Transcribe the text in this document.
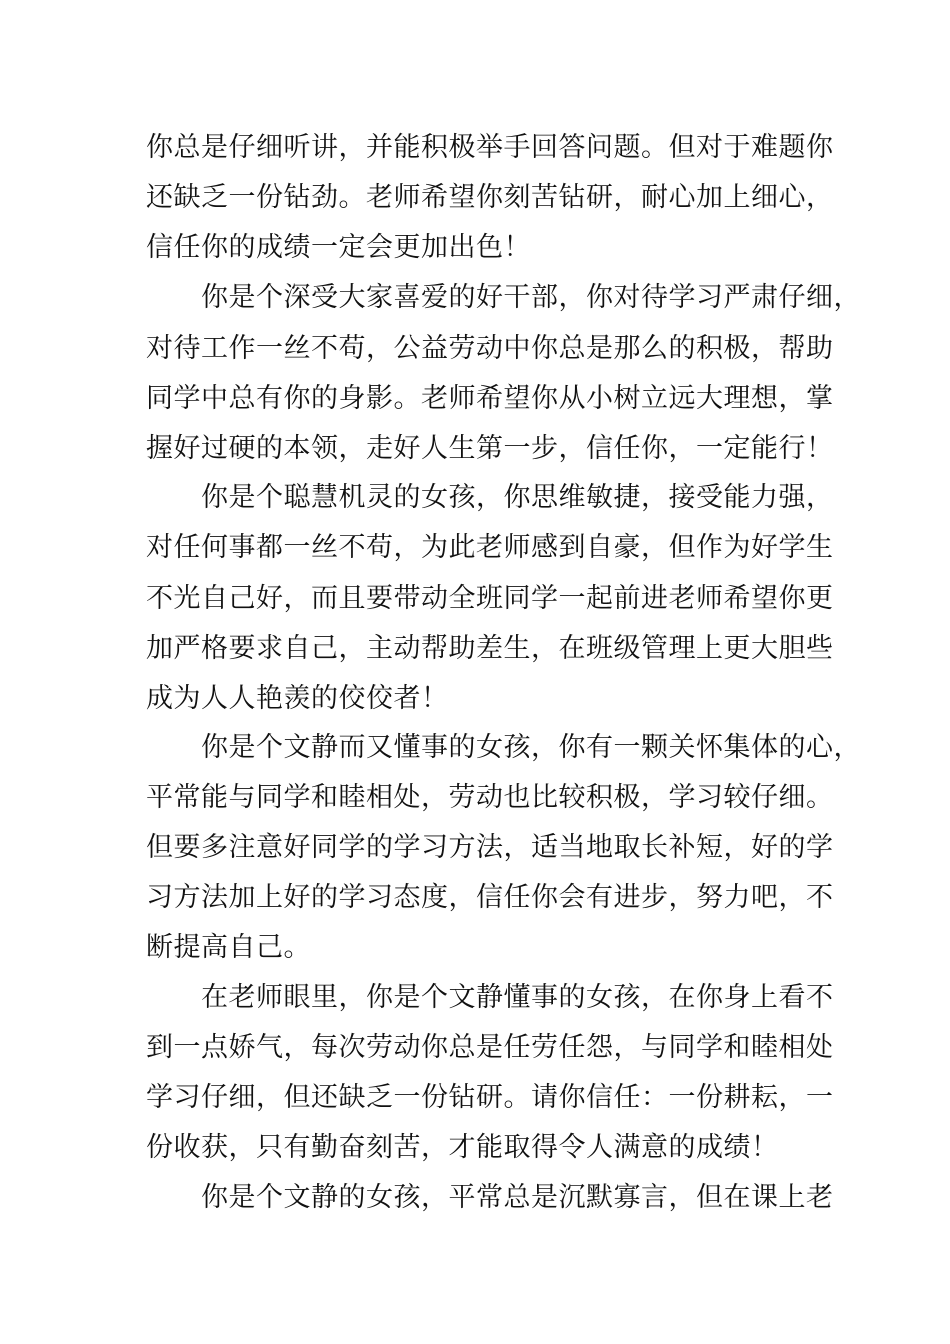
你总是仔细听讲，并能积极举手回答问题。但对于难题你
还缺乏一份钻劲。老师希望你刻苦钻研，耐心加上细心，
信任你的成绩一定会更加出色！
你是个深受大家喜爱的好干部，你对待学习严肃仔细，
对待工作一丝不苟，公益劳动中你总是那么的积极，帮助
同学中总有你的身影。老师希望你从小树立远大理想，掌
握好过硬的本领，走好人生第一步，信任你，一定能行！
你是个聪慧机灵的女孩，你思维敏捷，接受能力强，
对任何事都一丝不苟，为此老师感到自豪，但作为好学生
不光自己好，而且要带动全班同学一起前进老师希望你更
加严格要求自己，主动帮助差生，在班级管理上更大胆些
成为人人艳羡的佼佼者！
你是个文静而又懂事的女孩，你有一颗关怀集体的心，
平常能与同学和睦相处，劳动也比较积极，学习较仔细。
但要多注意好同学的学习方法，适当地取长补短，好的学
习方法加上好的学习态度，信任你会有进步，努力吧，不
断提高自己。
在老师眼里，你是个文静懂事的女孩，在你身上看不
到一点娇气，每次劳动你总是任劳任怨，与同学和睦相处
学习仔细，但还缺乏一份钻研。请你信任：一份耕耘，一
份收获，只有勤奋刻苦，才能取得令人满意的成绩！
你是个文静的女孩，平常总是沉默寡言，但在课上老
